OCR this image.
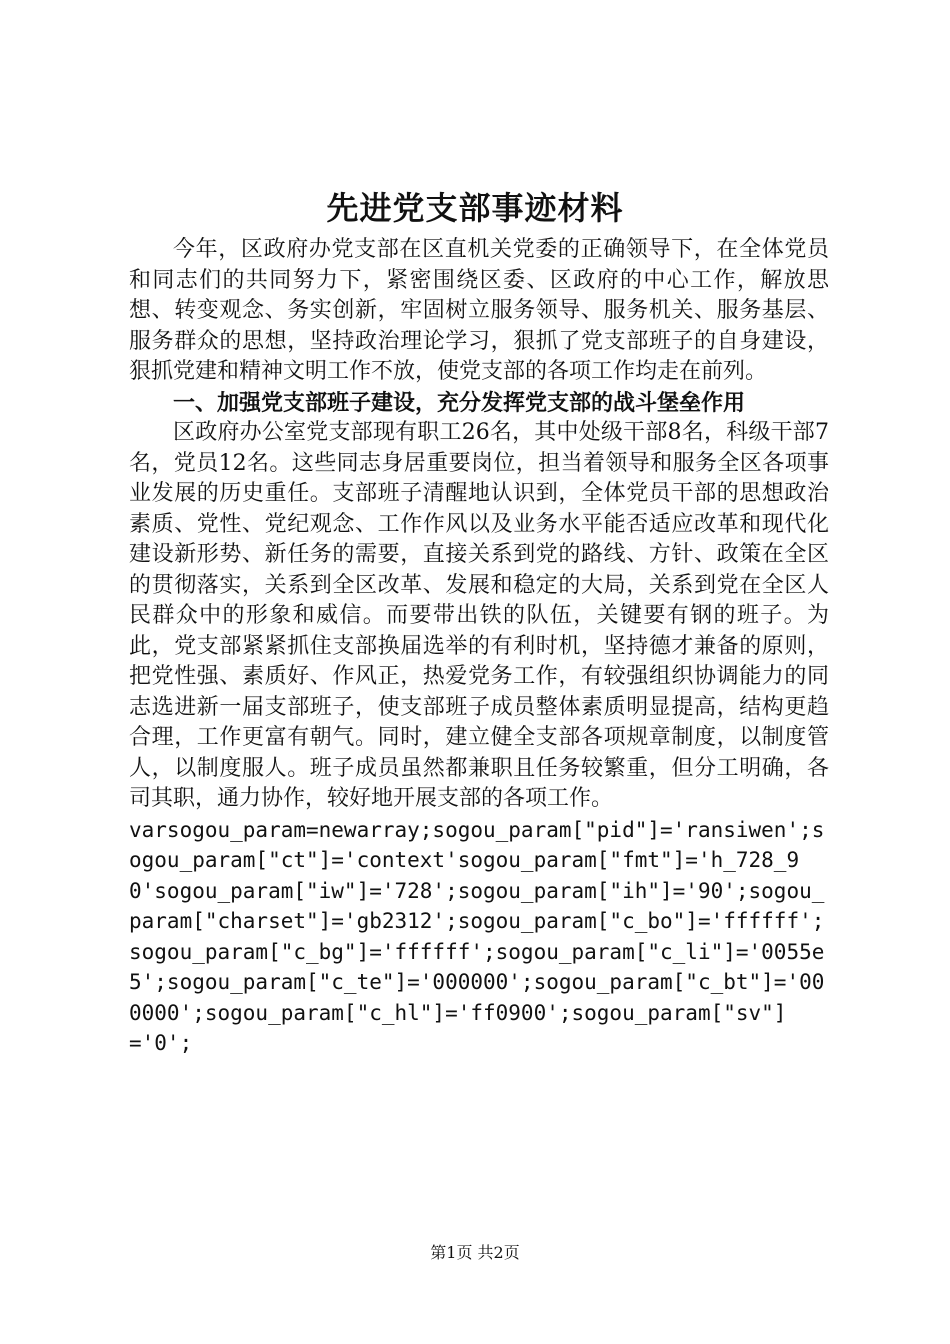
先进党支部事迹材料

今年，区政府办党支部在区直机关党委的正确领导下，在全体党员和同志们的共同努力下，紧密围绕区委、区政府的中心工作，解放思想、转变观念、务实创新，牢固树立服务领导、服务机关、服务基层、服务群众的思想，坚持政治理论学习，狠抓了党支部班子的自身建设，狠抓党建和精神文明工作不放，使党支部的各项工作均走在前列。

一、加强党支部班子建设，充分发挥党支部的战斗堡垒作用

区政府办公室党支部现有职工26名，其中处级干部8名，科级干部7名，党员12名。这些同志身居重要岗位，担当着领导和服务全区各项事业发展的历史重任。支部班子清醒地认识到，全体党员干部的思想政治素质、党性、党纪观念、工作作风以及业务水平能否适应改革和现代化建设新形势、新任务的需要，直接关系到党的路线、方针、政策在全区的贯彻落实，关系到全区改革、发展和稳定的大局，关系到党在全区人民群众中的形象和威信。而要带出铁的队伍，关键要有钢的班子。为此，党支部紧紧抓住支部换届选举的有利时机，坚持德才兼备的原则，把党性强、素质好、作风正，热爱党务工作，有较强组织协调能力的同志选进新一届支部班子，使支部班子成员整体素质明显提高，结构更趋合理，工作更富有朝气。同时，建立健全支部各项规章制度，以制度管人，以制度服人。班子成员虽然都兼职且任务较繁重，但分工明确，各司其职，通力协作，较好地开展支部的各项工作。

varsogou_param=newarray;sogou_param["pid"]='ransiwen';sogou_param["ct"]='context'sogou_param["fmt"]='h_728_90'sogou_param["iw"]='728';sogou_param["ih"]='90';sogou_param["charset"]='gb2312';sogou_param["c_bo"]='ffffff';sogou_param["c_bg"]='ffffff';sogou_param["c_li"]='0055e5';sogou_param["c_te"]='000000';sogou_param["c_bt"]='000000';sogou_param["c_hl"]='ff0900';sogou_param["sv"]='0';

第1页 共2页
